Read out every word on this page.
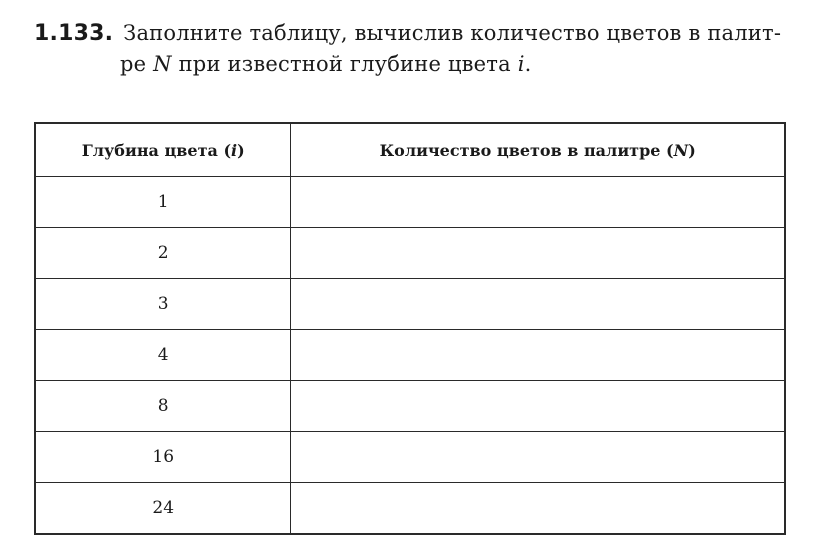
1.133. Заполните таблицу, вычислив количество цветов в палит-
ре N при известной глубине цвета i.
Глубина цвета (i)	Количество цветов в палитре (N)
1	
2	
3	
4	
8	
16	
24	
